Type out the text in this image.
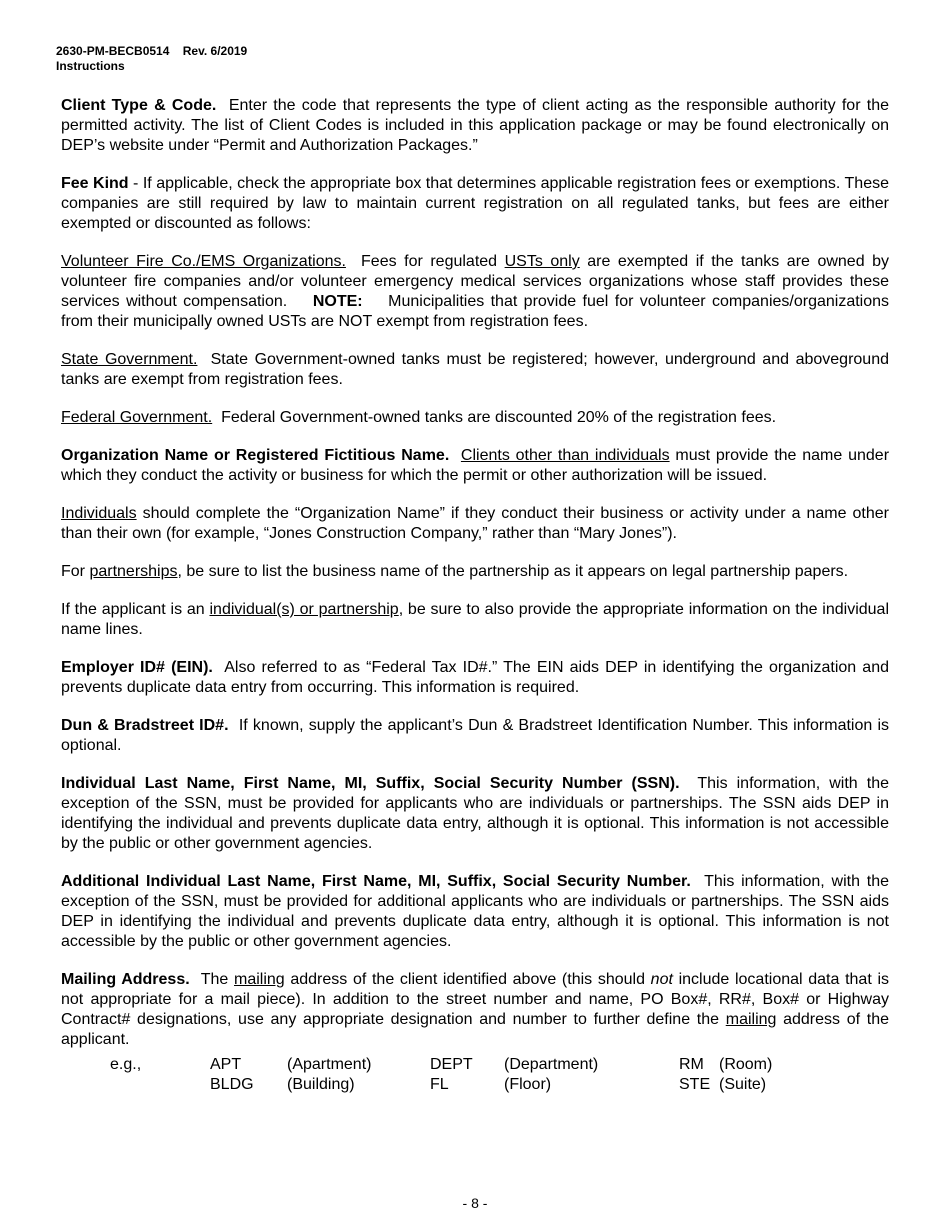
2630-PM-BECB0514 Rev. 6/2019
Instructions

Client Type & Code. Enter the code that represents the type of client acting as the responsible authority for the permitted activity. The list of Client Codes is included in this application package or may be found electronically on DEP’s website under “Permit and Authorization Packages.”

Fee Kind - If applicable, check the appropriate box that determines applicable registration fees or exemptions. These companies are still required by law to maintain current registration on all regulated tanks, but fees are either exempted or discounted as follows:

Volunteer Fire Co./EMS Organizations. Fees for regulated USTs only are exempted if the tanks are owned by volunteer fire companies and/or volunteer emergency medical services organizations whose staff provides these services without compensation. NOTE: Municipalities that provide fuel for volunteer companies/organizations from their municipally owned USTs are NOT exempt from registration fees.

State Government. State Government-owned tanks must be registered; however, underground and aboveground tanks are exempt from registration fees.

Federal Government. Federal Government-owned tanks are discounted 20% of the registration fees.

Organization Name or Registered Fictitious Name. Clients other than individuals must provide the name under which they conduct the activity or business for which the permit or other authorization will be issued.

Individuals should complete the “Organization Name” if they conduct their business or activity under a name other than their own (for example, “Jones Construction Company,” rather than “Mary Jones”).

For partnerships, be sure to list the business name of the partnership as it appears on legal partnership papers.

If the applicant is an individual(s) or partnership, be sure to also provide the appropriate information on the individual name lines.

Employer ID# (EIN). Also referred to as “Federal Tax ID#.” The EIN aids DEP in identifying the organization and prevents duplicate data entry from occurring. This information is required.

Dun & Bradstreet ID#. If known, supply the applicant’s Dun & Bradstreet Identification Number. This information is optional.

Individual Last Name, First Name, MI, Suffix, Social Security Number (SSN). This information, with the exception of the SSN, must be provided for applicants who are individuals or partnerships. The SSN aids DEP in identifying the individual and prevents duplicate data entry, although it is optional. This information is not accessible by the public or other government agencies.

Additional Individual Last Name, First Name, MI, Suffix, Social Security Number. This information, with the exception of the SSN, must be provided for additional applicants who are individuals or partnerships. The SSN aids DEP in identifying the individual and prevents duplicate data entry, although it is optional. This information is not accessible by the public or other government agencies.

Mailing Address. The mailing address of the client identified above (this should not include locational data that is not appropriate for a mail piece). In addition to the street number and name, PO Box#, RR#, Box# or Highway Contract# designations, use any appropriate designation and number to further define the mailing address of the applicant.

e.g.,	APT	(Apartment)	DEPT	(Department)	RM	(Room)
	BLDG	(Building)	FL	(Floor)	STE	(Suite)
- 8 -
